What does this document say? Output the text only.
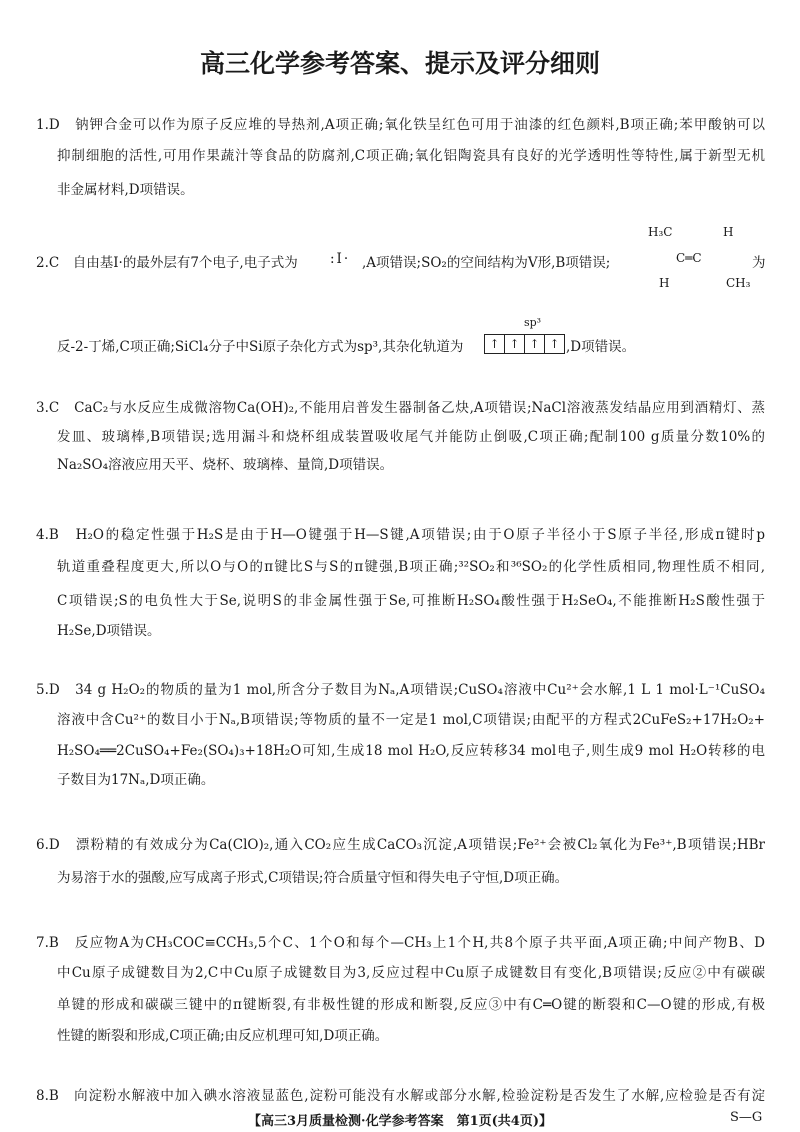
高三化学参考答案、提示及评分细则
1.D　钠钾合金可以作为原子反应堆的导热剂,A项正确;氧化铁呈红色可用于油漆的红色颜料,B项正确;苯甲酸钠可以
抑制细胞的活性,可用作果蔬汁等食品的防腐剂,C项正确;氧化铝陶瓷具有良好的光学透明性等特性,属于新型无机
非金属材料,D项错误。
2.C　自由基I·的最外层有7个电子,电子式为 :I· ,A项错误;SO₂的空间结构为V形,B项错误;
H₃C	H
C═C
H	CH₃
为
反-2-丁烯,C项正确;SiCl₄分子中Si原子杂化方式为sp³,其杂化轨道为
sp³
↑ ↑ ↑ ↑ ,D项错误。
3.C　CaC₂与水反应生成微溶物Ca(OH)₂,不能用启普发生器制备乙炔,A项错误;NaCl溶液蒸发结晶应用到酒精灯、蒸
发皿、玻璃棒,B项错误;选用漏斗和烧杯组成装置吸收尾气并能防止倒吸,C项正确;配制100 g质量分数10%的
Na₂SO₄溶液应用天平、烧杯、玻璃棒、量筒,D项错误。
4.B　H₂O的稳定性强于H₂S是由于H—O键强于H—S键,A项错误;由于O原子半径小于S原子半径,形成π键时p
轨道重叠程度更大,所以O与O的π键比S与S的π键强,B项正确;³²SO₂和³⁶SO₂的化学性质相同,物理性质不相同,
C项错误;S的电负性大于Se,说明S的非金属性强于Se,可推断H₂SO₄酸性强于H₂SeO₄,不能推断H₂S酸性强于
H₂Se,D项错误。
5.D　34 g H₂O₂的物质的量为1 mol,所含分子数目为Nₐ,A项错误;CuSO₄溶液中Cu²⁺会水解,1 L 1 mol·L⁻¹CuSO₄
溶液中含Cu²⁺的数目小于Nₐ,B项错误;等物质的量不一定是1 mol,C项错误;由配平的方程式2CuFeS₂+17H₂O₂+
H₂SO₄══2CuSO₄+Fe₂(SO₄)₃+18H₂O可知,生成18 mol H₂O,反应转移34 mol电子,则生成9 mol H₂O转移的电
子数目为17Nₐ,D项正确。
6.D　漂粉精的有效成分为Ca(ClO)₂,通入CO₂应生成CaCO₃沉淀,A项错误;Fe²⁺会被Cl₂氧化为Fe³⁺,B项错误;HBr
为易溶于水的强酸,应写成离子形式,C项错误;符合质量守恒和得失电子守恒,D项正确。
7.B　反应物A为CH₃COC≡CCH₃,5个C、1个O和每个—CH₃上1个H,共8个原子共平面,A项正确;中间产物B、D
中Cu原子成键数目为2,C中Cu原子成键数目为3,反应过程中Cu原子成键数目有变化,B项错误;反应②中有碳碳
单键的形成和碳碳三键中的π键断裂,有非极性键的形成和断裂,反应③中有C═O键的断裂和C—O键的形成,有极
性键的断裂和形成,C项正确;由反应机理可知,D项正确。
8.B　向淀粉水解液中加入碘水溶液显蓝色,淀粉可能没有水解或部分水解,检验淀粉是否发生了水解,应检验是否有淀
【高三3月质量检测·化学参考答案　第1页(共4页)】	S—G
